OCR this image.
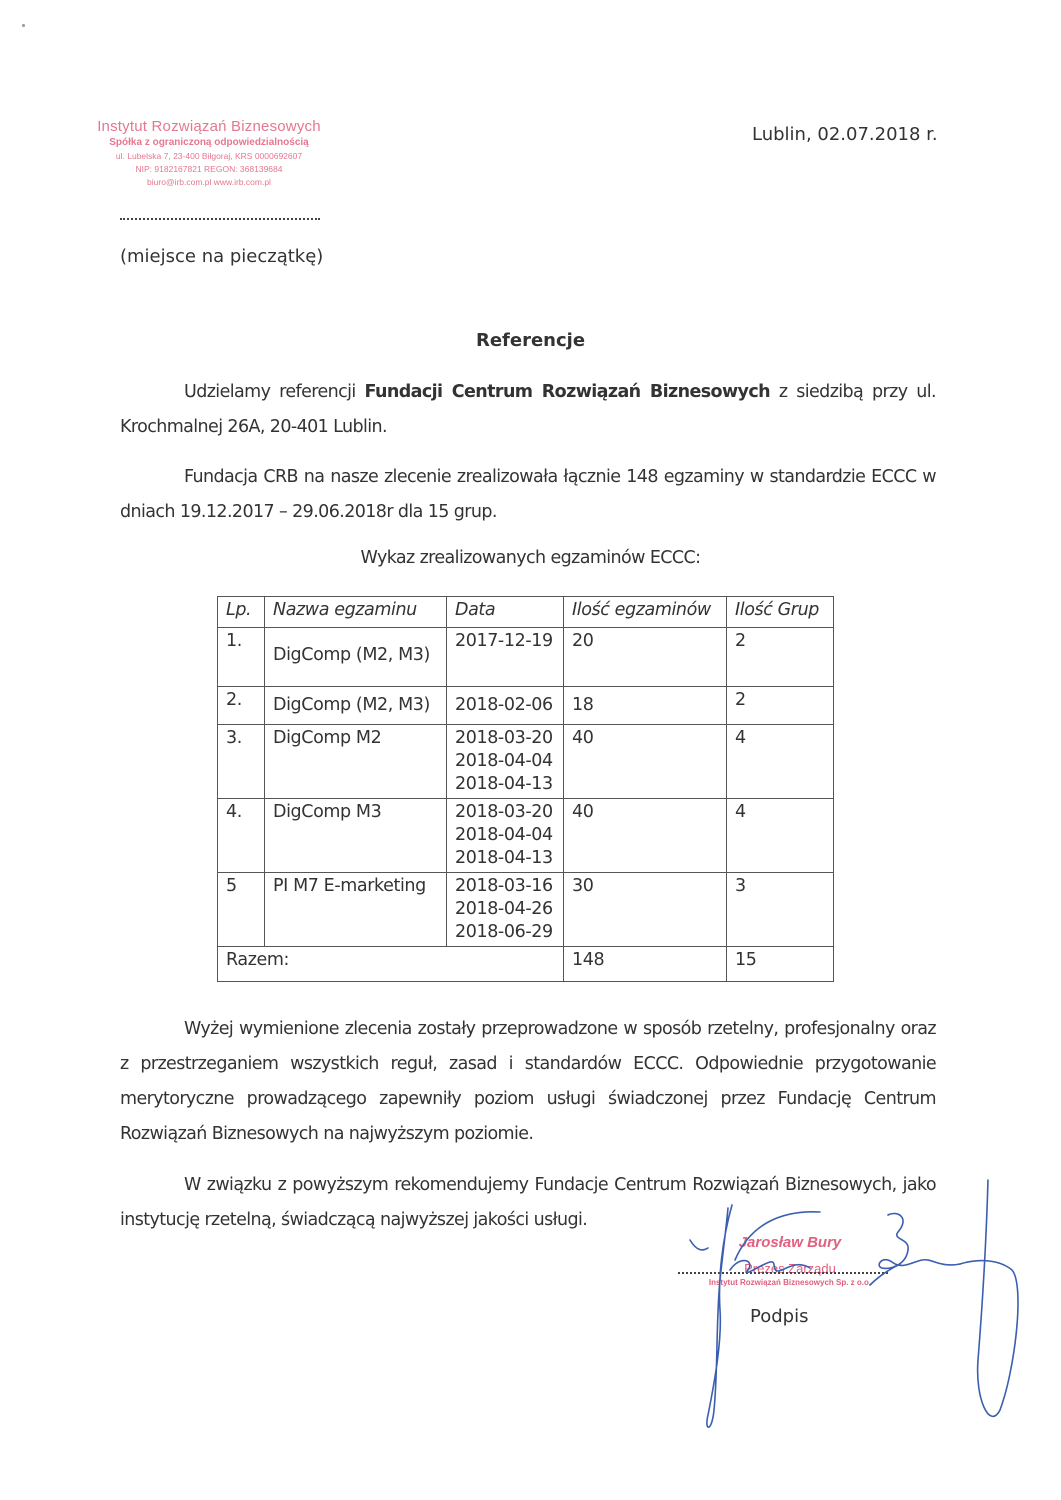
Instytut Rozwiązań Biznesowych
Spółka z ograniczoną odpowiedzialnością
ul. Lubelska 7, 23-400 Biłgoraj, KRS 0000692607
NIP: 9182167821 REGON: 368139684
biuro@irb.com.pl www.irb.com.pl
(miejsce na pieczątkę)
Lublin, 02.07.2018 r.
Referencje
Udzielamy referencji Fundacji Centrum Rozwiązań Biznesowych z siedzibą przy ul. Krochmalnej 26A, 20-401 Lublin.
Fundacja CRB na nasze zlecenie zrealizowała łącznie 148 egzaminy w standardzie ECCC w dniach 19.12.2017 – 29.06.2018r dla 15 grup.
Wykaz zrealizowanych egzaminów ECCC:
Lp.	Nazwa egzaminu	Data	Ilość egzaminów	Ilość Grup
1.	DigComp (M2, M3)	2017-12-19	20	2
2.	DigComp (M2, M3)	2018-02-06	18	2
3.	DigComp M2	2018-03-20
2018-04-04
2018-04-13	40	4
4.	DigComp M3	2018-03-20
2018-04-04
2018-04-13	40	4
5	PI M7 E-marketing	2018-03-16
2018-04-26
2018-06-29	30	3
Razem:			148	15
Wyżej wymienione zlecenia zostały przeprowadzone w sposób rzetelny, profesjonalny oraz z przestrzeganiem wszystkich reguł, zasad i standardów ECCC. Odpowiednie przygotowanie merytoryczne prowadzącego zapewniły poziom usługi świadczonej przez Fundację Centrum Rozwiązań Biznesowych na najwyższym poziomie.
W związku z powyższym rekomendujemy Fundacje Centrum Rozwiązań Biznesowych, jako instytucję rzetelną, świadczącą najwyższej jakości usługi.
Jarosław Bury
Prezes Zarządu
Instytut Rozwiązań Biznesowych Sp. z o.o.
Podpis
